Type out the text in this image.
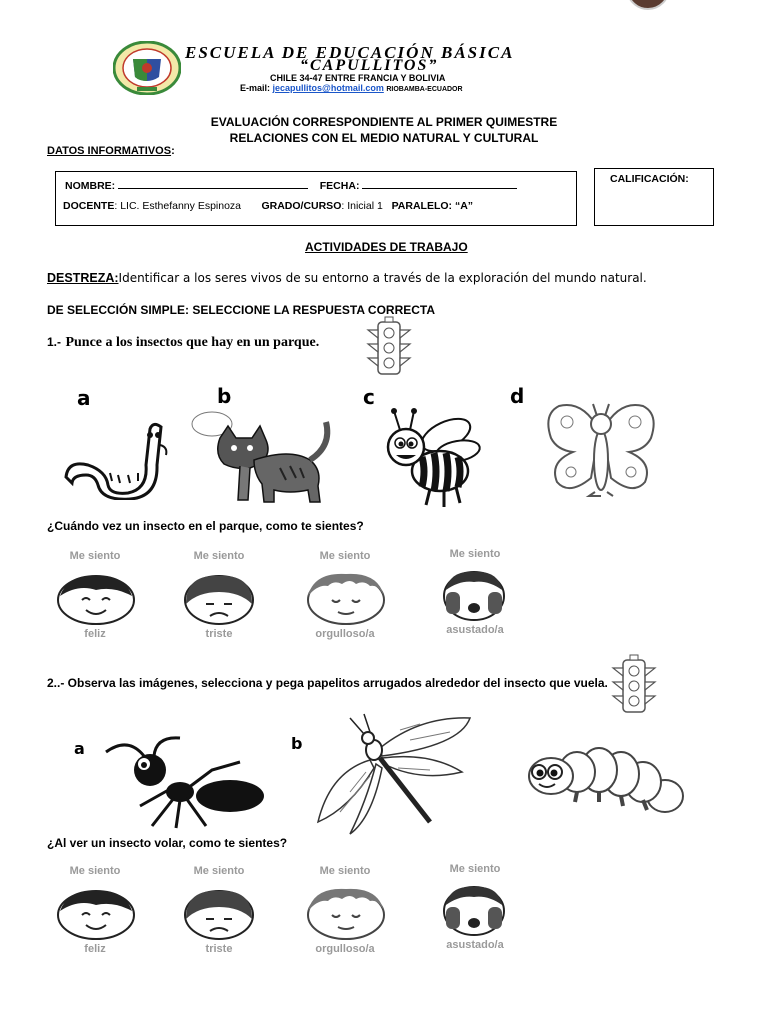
ESCUELA DE EDUCACIÓN BÁSICA
“CAPULLITOS”
CHILE 34-47 ENTRE FRANCIA Y BOLIVIA
E-mail: jecapullitos@hotmail.com RIOBAMBA-ECUADOR
EVALUACIÓN CORRESPONDIENTE AL PRIMER QUIMESTRE
RELACIONES CON EL MEDIO NATURAL Y CULTURAL
DATOS INFORMATIVOS:
NOMBRE:	FECHA:
DOCENTE: LIC. Esthefanny Espinoza GRADO/CURSO: Inicial 1 PARALELO: “A”
CALIFICACIÓN:
ACTIVIDADES DE TRABAJO
DESTREZA:Identificar a los seres vivos de su entorno a través de la exploración del mundo natural.
DE SELECCIÓN SIMPLE: SELECCIONE LA RESPUESTA CORRECTA
1.- Punce a los insectos que hay en un parque.
a	b	c	d
¿Cuándo vez un insecto en el parque, como te sientes?
Me siento
feliz
Me siento
triste
Me siento
orgulloso/a
Me siento
asustado/a
2..- Observa las imágenes, selecciona y pega papelitos arrugados alrededor del insecto que vuela.
a	b
¿Al ver un insecto volar, como te sientes?
Me siento
feliz
Me siento
triste
Me siento
orgulloso/a
Me siento
asustado/a
